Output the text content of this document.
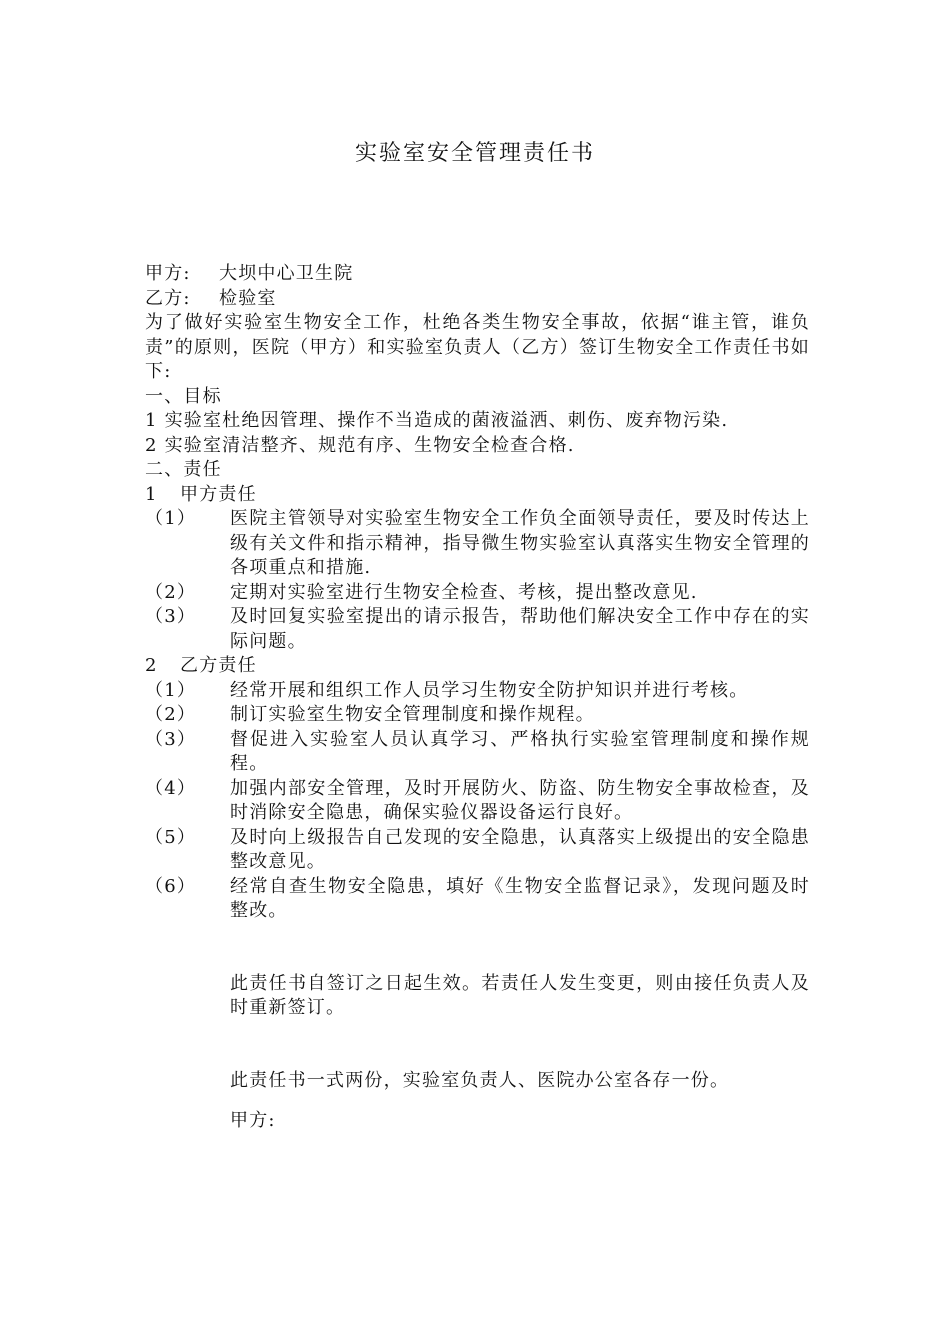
实验室安全管理责任书

甲方: 大坝中心卫生院

乙方: 检验室

为了做好实验室生物安全工作，杜绝各类生物安全事故，依据“谁主管，谁负责”的原则，医院（甲方）和实验室负责人（乙方）签订生物安全工作责任书如下:

一、目标

1 实验室杜绝因管理、操作不当造成的菌液溢洒、刺伤、废弃物污染.

2 实验室清洁整齐、规范有序、生物安全检查合格.

二、责任

1 甲方责任

（1）	医院主管领导对实验室生物安全工作负全面领导责任，要及时传达上级有关文件和指示精神，指导微生物实验室认真落实生物安全管理的各项重点和措施.
（2）	定期对实验室进行生物安全检查、考核，提出整改意见.
（3）	及时回复实验室提出的请示报告，帮助他们解决安全工作中存在的实际问题。

2 乙方责任

（1）	经常开展和组织工作人员学习生物安全防护知识并进行考核。
（2）	制订实验室生物安全管理制度和操作规程。
（3）	督促进入实验室人员认真学习、严格执行实验室管理制度和操作规程。
（4）	加强内部安全管理，及时开展防火、防盗、防生物安全事故检查，及时消除安全隐患，确保实验仪器设备运行良好。
（5）	及时向上级报告自己发现的安全隐患，认真落实上级提出的安全隐患整改意见。
（6）	经常自查生物安全隐患，填好《生物安全监督记录》，发现问题及时整改。

此责任书自签订之日起生效。若责任人发生变更，则由接任负责人及时重新签订。

此责任书一式两份，实验室负责人、医院办公室各存一份。

甲方:
